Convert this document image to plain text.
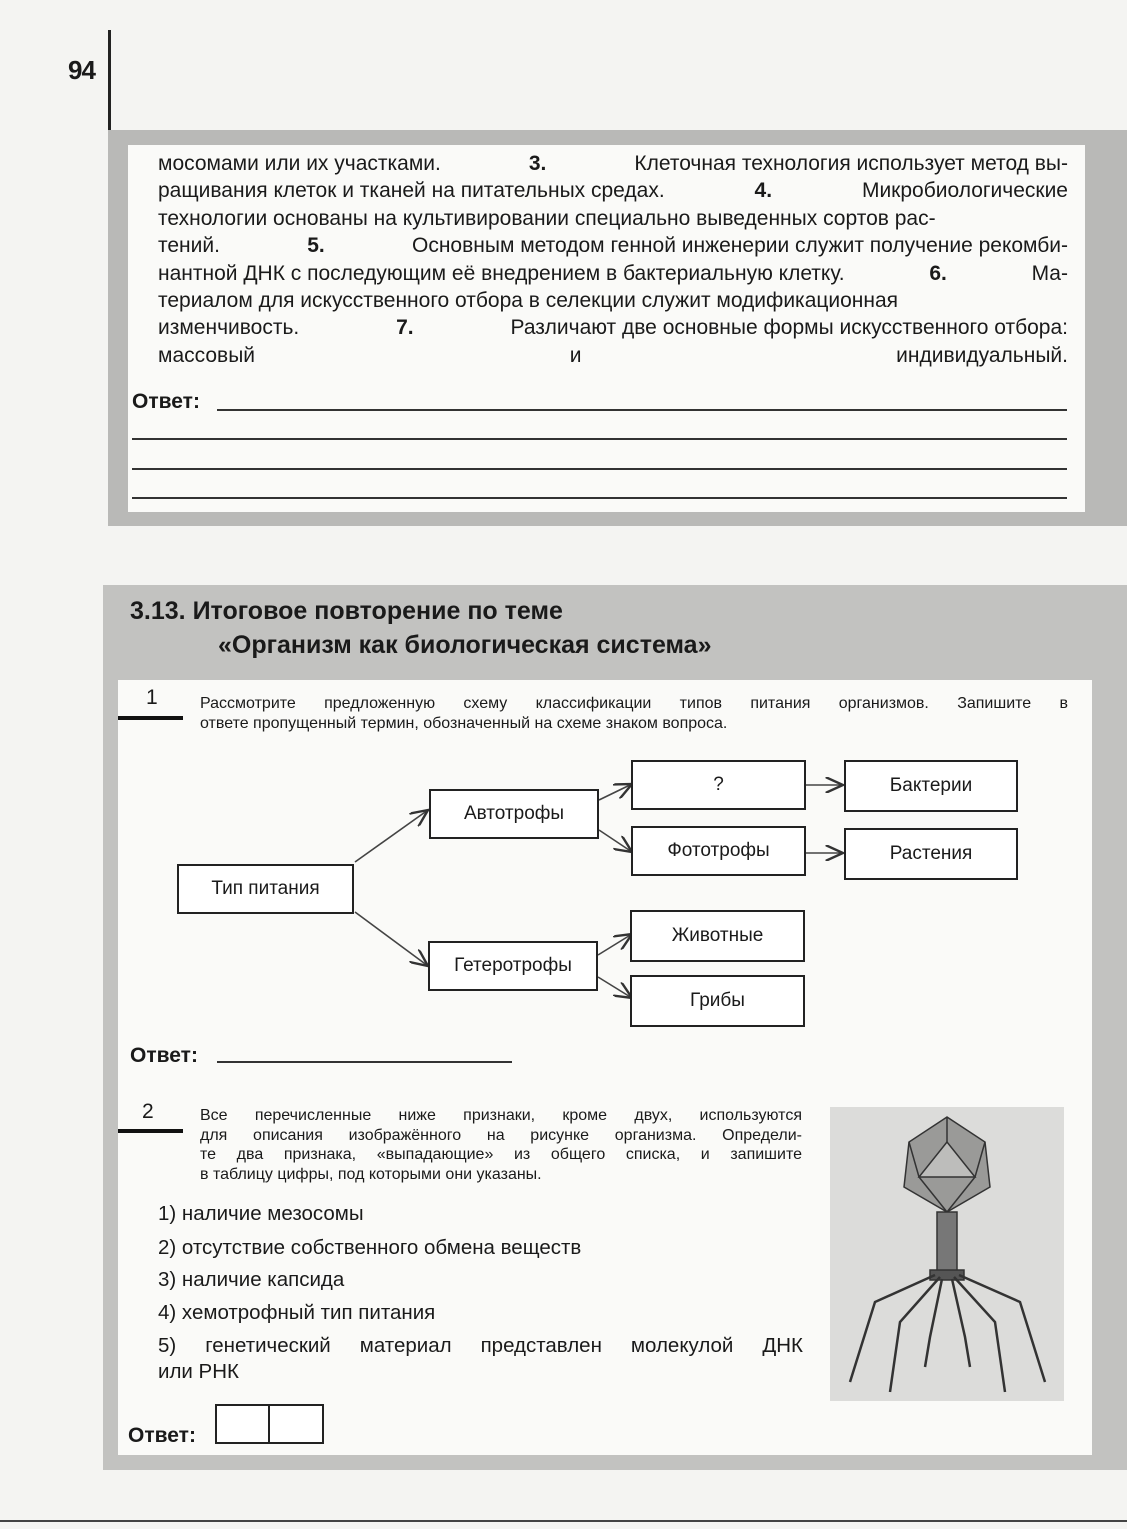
94
мосомами или их участками.	3.	Клеточная технология использует метод вы-
ращивания клеток и тканей на питательных средах.	4.	Микробиологические
технологии основаны на культивировании специально выведенных сортов рас-
тений.	5.	Основным методом генной инженерии служит получение рекомби-
нантной ДНК с последующим её внедрением в бактериальную клетку.	6.	Ма-
териалом для искусственного отбора в селекции служит модификационная
изменчивость.	7.	Различают две основные формы искусственного отбора:
массовый и индивидуальный.
Ответ:
3.13. Итоговое повторение по теме
«Организм как биологическая система»
1	Рассмотрите предложенную схему классификации типов питания организмов. Запишите в
ответе пропущенный термин, обозначенный на схеме знаком вопроса.
Тип питания
Автотрофы
Гетеротрофы
?
Фототрофы
Бактерии
Растения
Животные
Грибы
Ответ:
2	Все перечисленные ниже признаки, кроме двух, используются
для описания изображённого на рисунке организма. Определи-
те два признака, «выпадающие» из общего списка, и запишите
в таблицу цифры, под которыми они указаны.
1) наличие мезосомы
2) отсутствие собственного обмена веществ
3) наличие капсида
4) хемотрофный тип питания
5) генетический материал представлен молекулой ДНК
или РНК
Ответ:
